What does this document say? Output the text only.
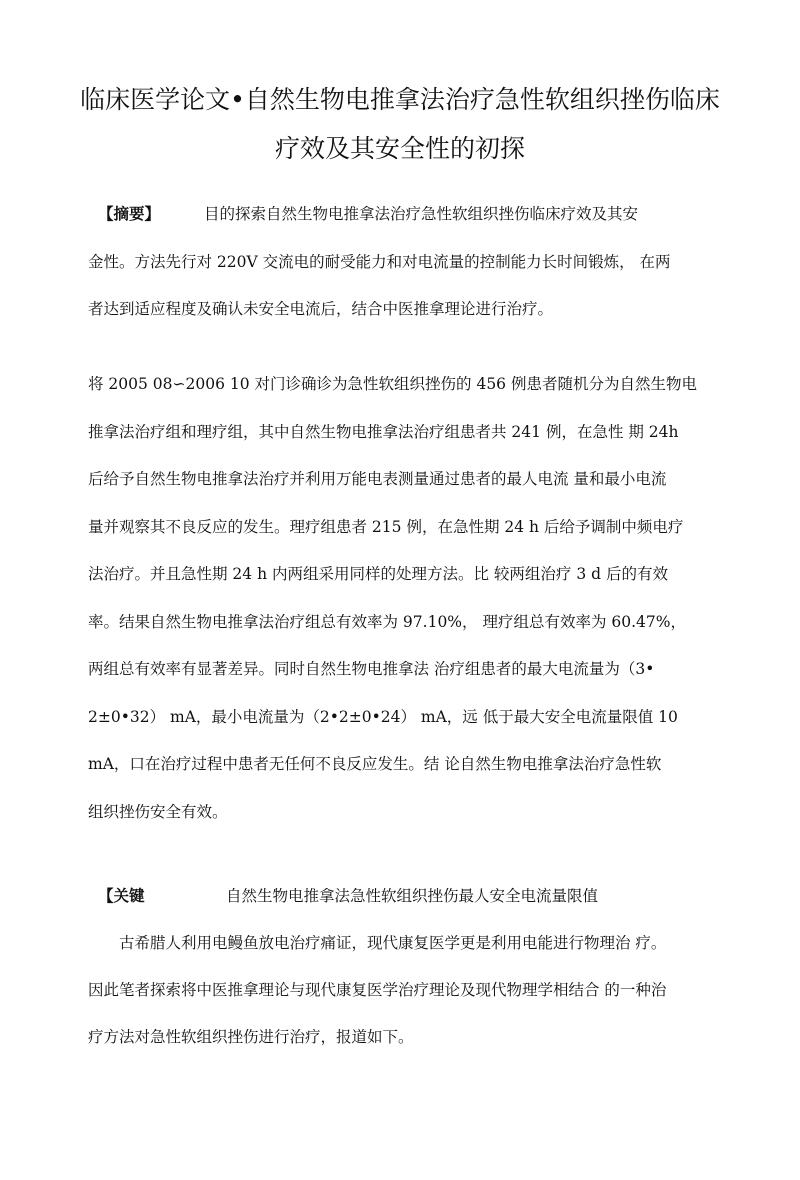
临床医学论文•自然生物电推拿法治疗急性软组织挫伤临床
疗效及其安全性的初探
【摘要】	目的探索自然生物电推拿法治疗急性软组织挫伤临床疗效及其安
金性。方法先行对 220V 交流电的耐受能力和对电流量的控制能力长时间锻炼， 在两
者达到适应程度及确认未安全电流后，结合中医推拿理论进行治疗。
将 2005 08∽2006 10 对门诊确诊为急性软组织挫伤的 456 例患者随机分为自然生物电
推拿法治疗组和理疗组，其中自然生物电推拿法治疗组患者共 241 例，在急性 期 24h
后给予自然生物电推拿法治疗并利用万能电表测量通过患者的最人电流 量和最小电流
量并观察其不良反应的发生。理疗组患者 215 例，在急性期 24 h 后给予调制中频电疗
法治疗。并且急性期 24 h 内两组采用同样的处理方法。比 较两组治疗 3 d 后的有效
率。结果自然生物电推拿法治疗组总有效率为 97.10%， 理疗组总有效率为 60.47%，
两组总有效率有显著差异。同时自然生物电推拿法 治疗组患者的最大电流量为（3•
2±0•32） mA，最小电流量为（2•2±0•24） mA，远 低于最大安全电流量限值 10
mA，口在治疗过程中患者无任何不良反应发生。结 论自然生物电推拿法治疗急性软
组织挫伤安全有效。
【关键	自然生物电推拿法急性软组织挫伤最人安全电流量限值
古希腊人利用电鳗鱼放电治疗痛证，现代康复医学更是利用电能进行物理治 疗。
因此笔者探索将中医推拿理论与现代康复医学治疗理论及现代物理学相结合 的一种治
疗方法对急性软组织挫伤进行治疗，报道如下。
